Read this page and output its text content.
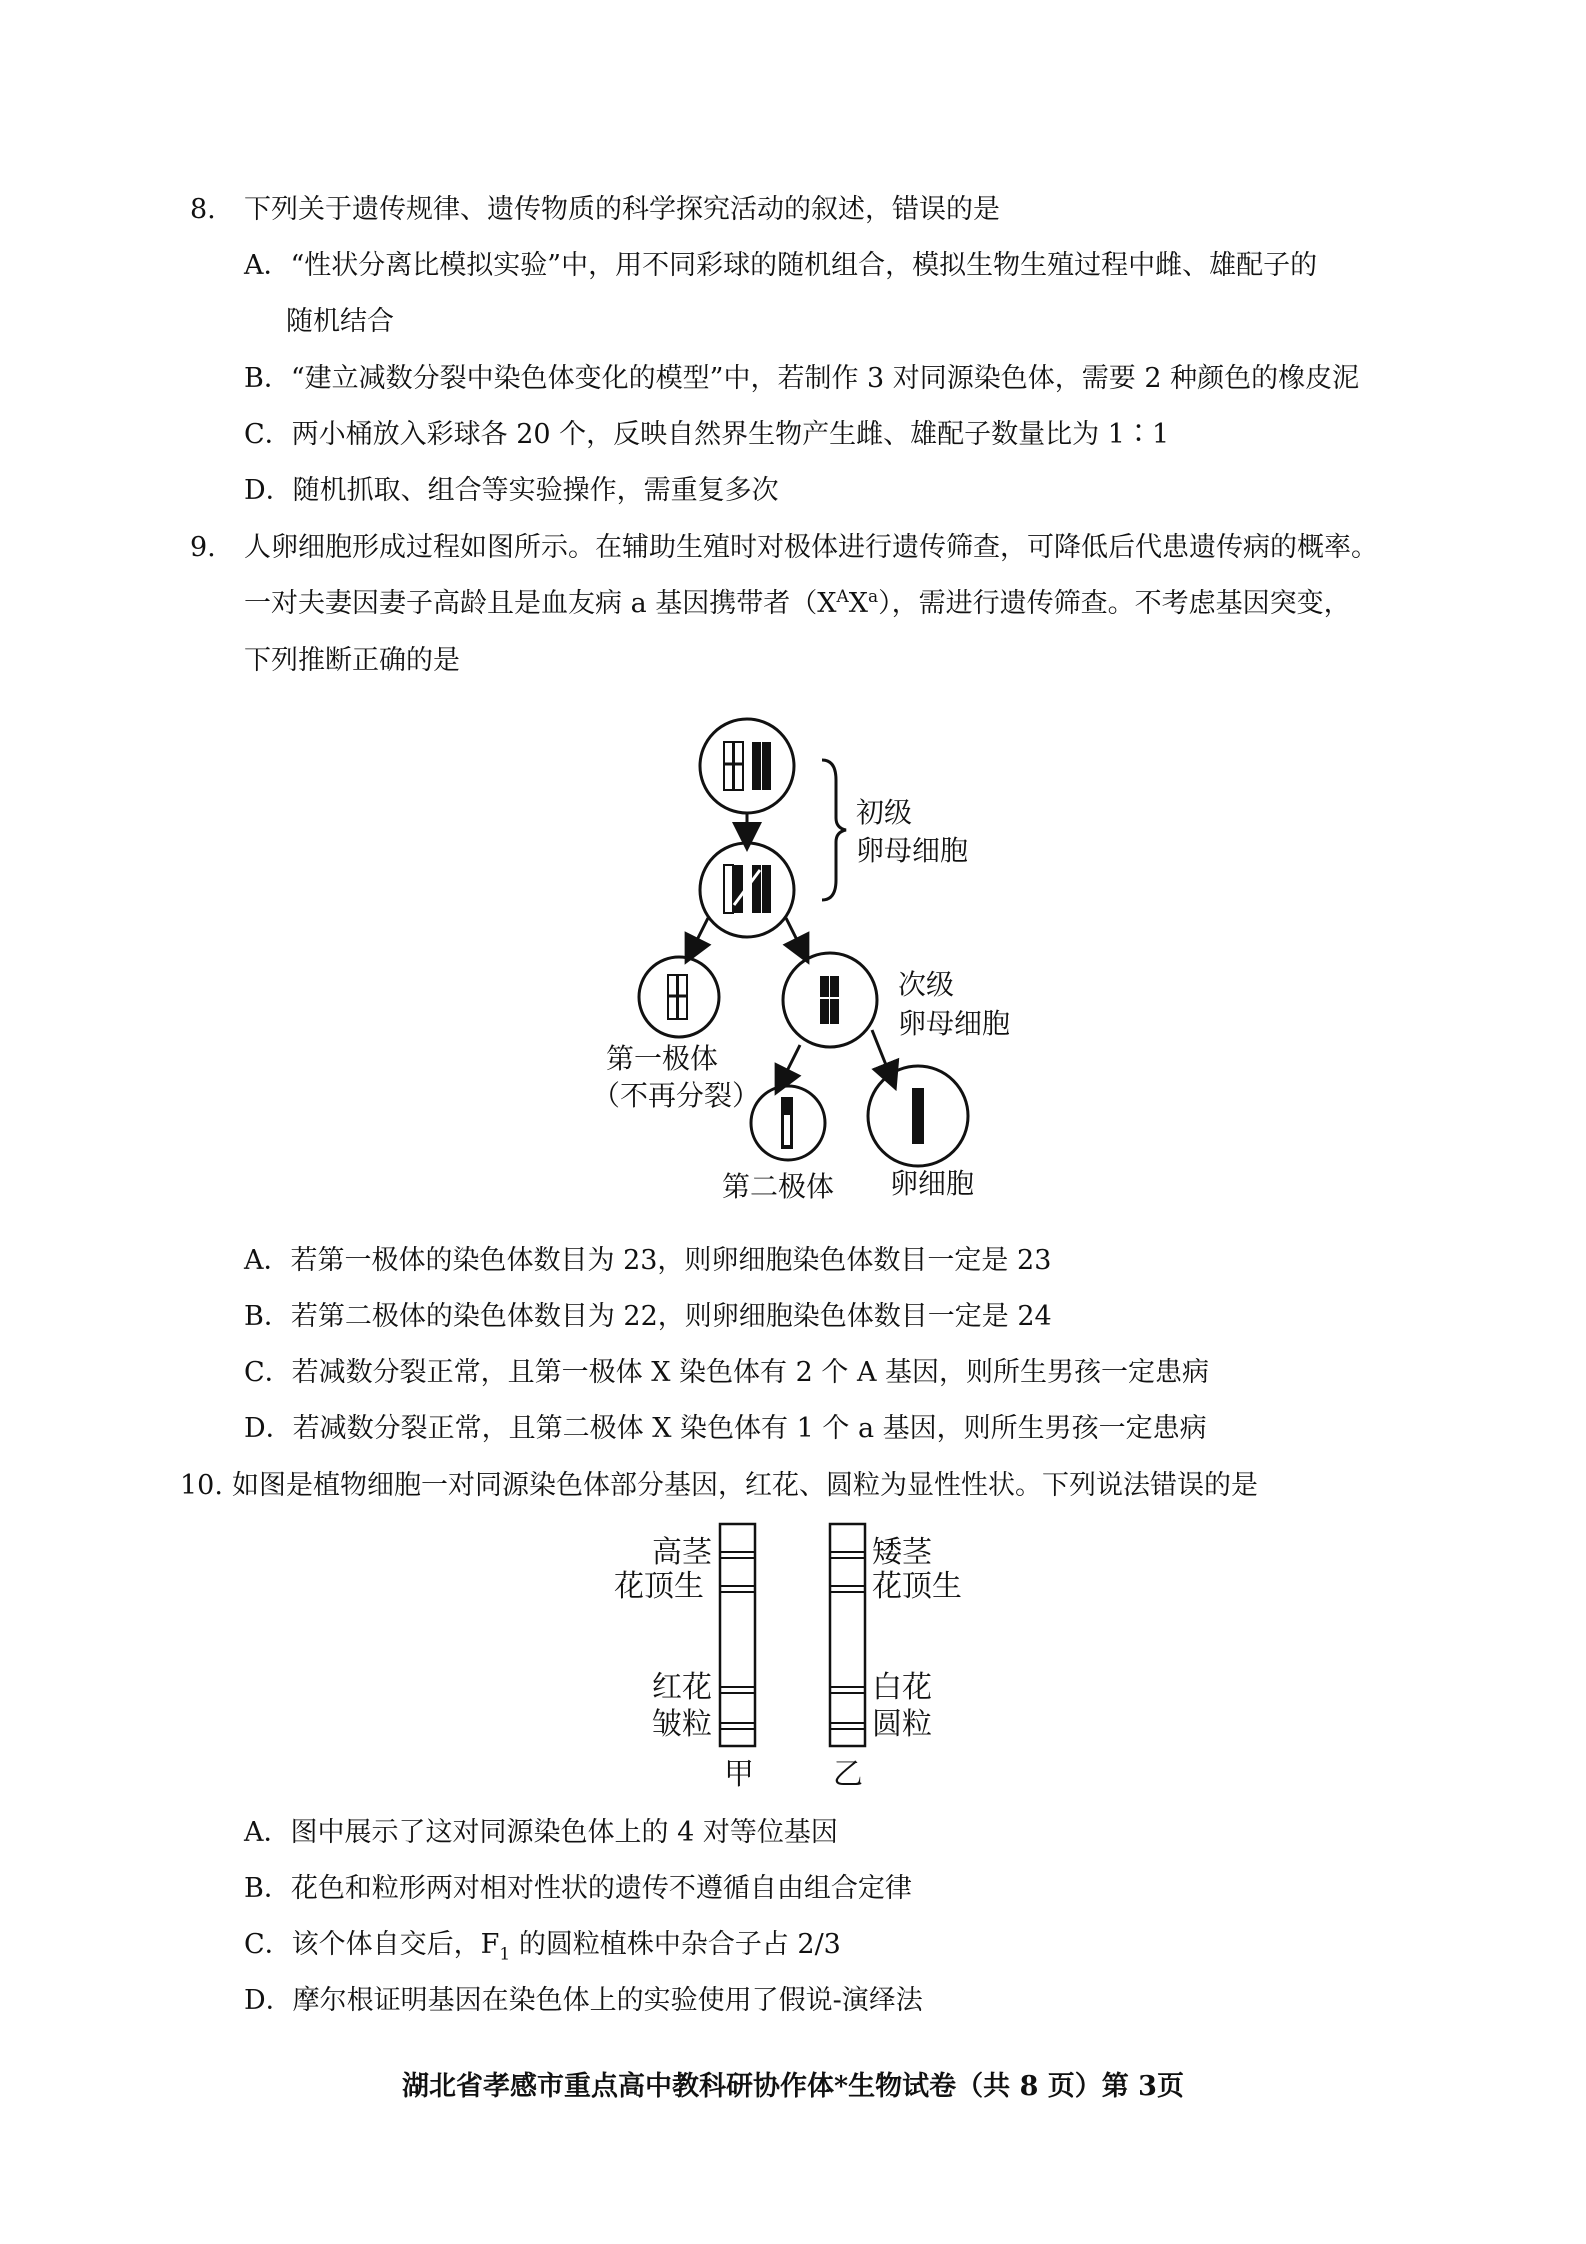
8. 下列关于遗传规律、遗传物质的科学探究活动的叙述，错误的是
A．“性状分离比模拟实验”中，用不同彩球的随机组合，模拟生物生殖过程中雌、雄配子的
随机结合
B．“建立减数分裂中染色体变化的模型”中，若制作 3 对同源染色体，需要 2 种颜色的橡皮泥
C．两小桶放入彩球各 20 个，反映自然界生物产生雌、雄配子数量比为 1∶1
D．随机抓取、组合等实验操作，需重复多次
9. 人卵细胞形成过程如图所示。在辅助生殖时对极体进行遗传筛查，可降低后代患遗传病的概率。
一对夫妻因妻子高龄且是血友病 a 基因携带者$(X^AX^a)$，需进行遗传筛查。不考虑基因突变，
下列推断正确的是
初级
卵母细胞
第一极体
（不再分裂）
次级
卵母细胞
第二极体 卵细胞
A．若第一极体的染色体数目为 23，则卵细胞染色体数目一定是 23
B．若第二极体的染色体数目为 22，则卵细胞染色体数目一定是 24
C．若减数分裂正常，且第一极体 X 染色体有 2 个 A 基因，则所生男孩一定患病
D．若减数分裂正常，且第二极体 X 染色体有 1 个 a 基因，则所生男孩一定患病
10. 如图是植物细胞一对同源染色体部分基因，红花、圆粒为显性性状。下列说法错误的是
高茎
花顶生
红花
皱粒
甲
矮茎
花顶生
白花
圆粒
乙
A．图中展示了这对同源染色体上的 4 对等位基因
B．花色和粒形两对相对性状的遗传不遵循自由组合定律
C．该个体自交后，$F_1$ 的圆粒植株中杂合子占 2/3
D．摩尔根证明基因在染色体上的实验使用了假说-演绎法
湖北省孝感市重点高中教科研协作体*生物试卷（共 8 页）第 3页
